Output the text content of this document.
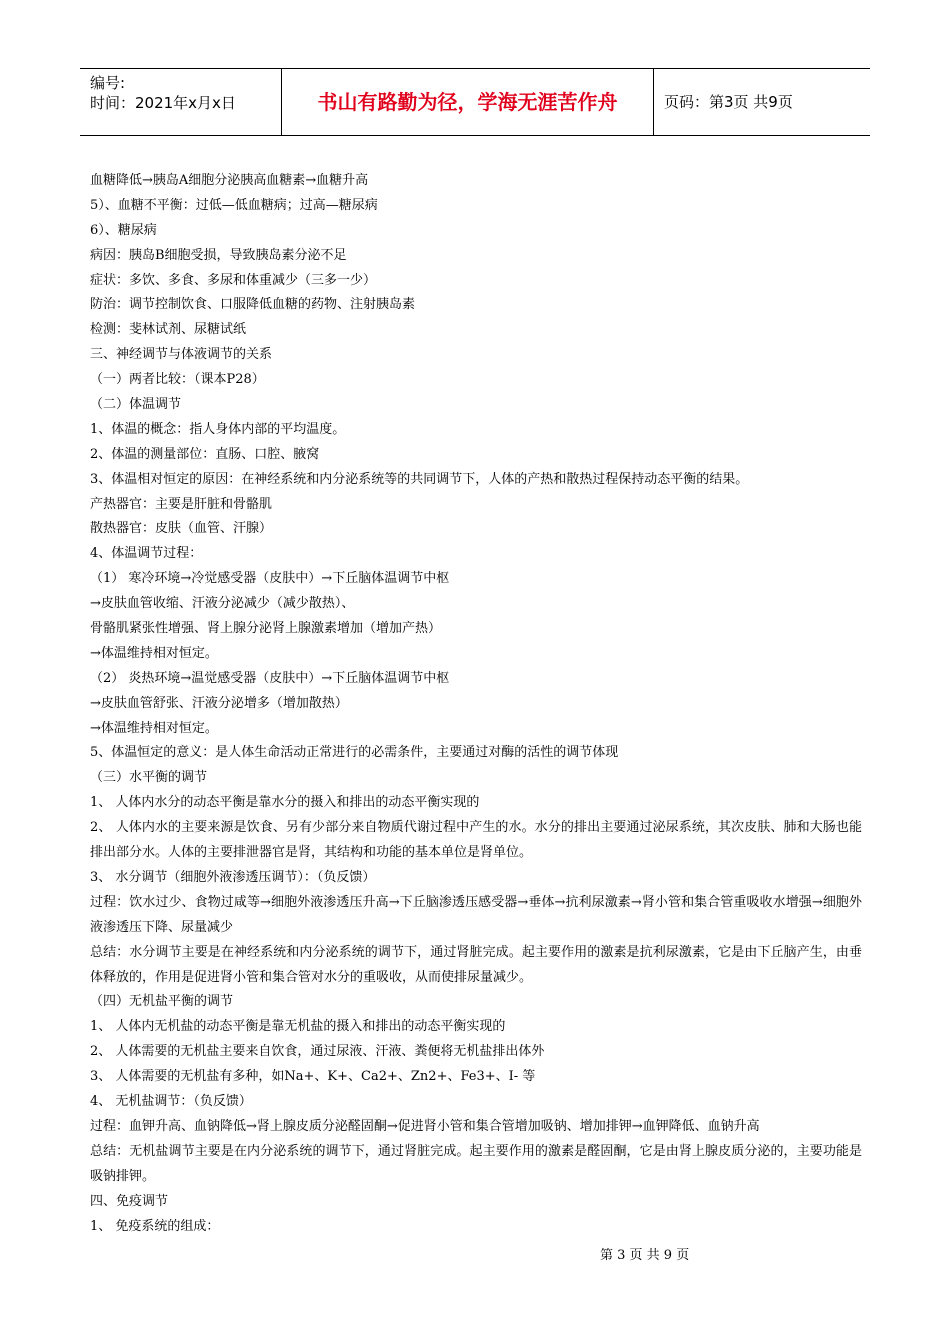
编号:
时间：2021年x月x日	书山有路勤为径，学海无涯苦作舟	页码：第3页 共9页
血糖降低→胰岛A细胞分泌胰高血糖素→血糖升高
5）、血糖不平衡：过低—低血糖病；过高—糖尿病
6）、糖尿病
病因：胰岛B细胞受损，导致胰岛素分泌不足
症状：多饮、多食、多尿和体重减少（三多一少）
防治：调节控制饮食、口服降低血糖的药物、注射胰岛素
检测：斐林试剂、尿糖试纸
三、神经调节与体液调节的关系
（一）两者比较：（课本P28）
（二）体温调节
1、体温的概念：指人身体内部的平均温度。
2、体温的测量部位：直肠、口腔、腋窝
3、体温相对恒定的原因：在神经系统和内分泌系统等的共同调节下，人体的产热和散热过程保持动态平衡的结果。
产热器官：主要是肝脏和骨骼肌
散热器官：皮肤（血管、汗腺）
4、体温调节过程：
（1） 寒冷环境→冷觉感受器（皮肤中）→下丘脑体温调节中枢
→皮肤血管收缩、汗液分泌减少（减少散热）、
骨骼肌紧张性增强、肾上腺分泌肾上腺激素增加（增加产热）
→体温维持相对恒定。
（2） 炎热环境→温觉感受器（皮肤中）→下丘脑体温调节中枢
→皮肤血管舒张、汗液分泌增多（增加散热）
→体温维持相对恒定。
5、体温恒定的意义：是人体生命活动正常进行的必需条件，主要通过对酶的活性的调节体现
（三）水平衡的调节
1、 人体内水分的动态平衡是靠水分的摄入和排出的动态平衡实现的
2、 人体内水的主要来源是饮食、另有少部分来自物质代谢过程中产生的水。水分的排出主要通过泌尿系统，其次皮肤、肺和大肠也能排出部分水。人体的主要排泄器官是肾，其结构和功能的基本单位是肾单位。
3、 水分调节（细胞外液渗透压调节）：（负反馈）
过程：饮水过少、食物过咸等→细胞外液渗透压升高→下丘脑渗透压感受器→垂体→抗利尿激素→肾小管和集合管重吸收水增强→细胞外液渗透压下降、尿量减少
总结：水分调节主要是在神经系统和内分泌系统的调节下，通过肾脏完成。起主要作用的激素是抗利尿激素，它是由下丘脑产生，由垂体释放的，作用是促进肾小管和集合管对水分的重吸收，从而使排尿量减少。
（四）无机盐平衡的调节
1、 人体内无机盐的动态平衡是靠无机盐的摄入和排出的动态平衡实现的
2、 人体需要的无机盐主要来自饮食，通过尿液、汗液、粪便将无机盐排出体外
3、 人体需要的无机盐有多种，如Na+、K+、Ca2+、Zn2+、Fe3+、I- 等
4、 无机盐调节：（负反馈）
过程：血钾升高、血钠降低→肾上腺皮质分泌醛固酮→促进肾小管和集合管增加吸钠、增加排钾→血钾降低、血钠升高
总结：无机盐调节主要是在内分泌系统的调节下，通过肾脏完成。起主要作用的激素是醛固酮，它是由肾上腺皮质分泌的，主要功能是吸钠排钾。
四、免疫调节
1、 免疫系统的组成：
第 3 页 共 9 页
